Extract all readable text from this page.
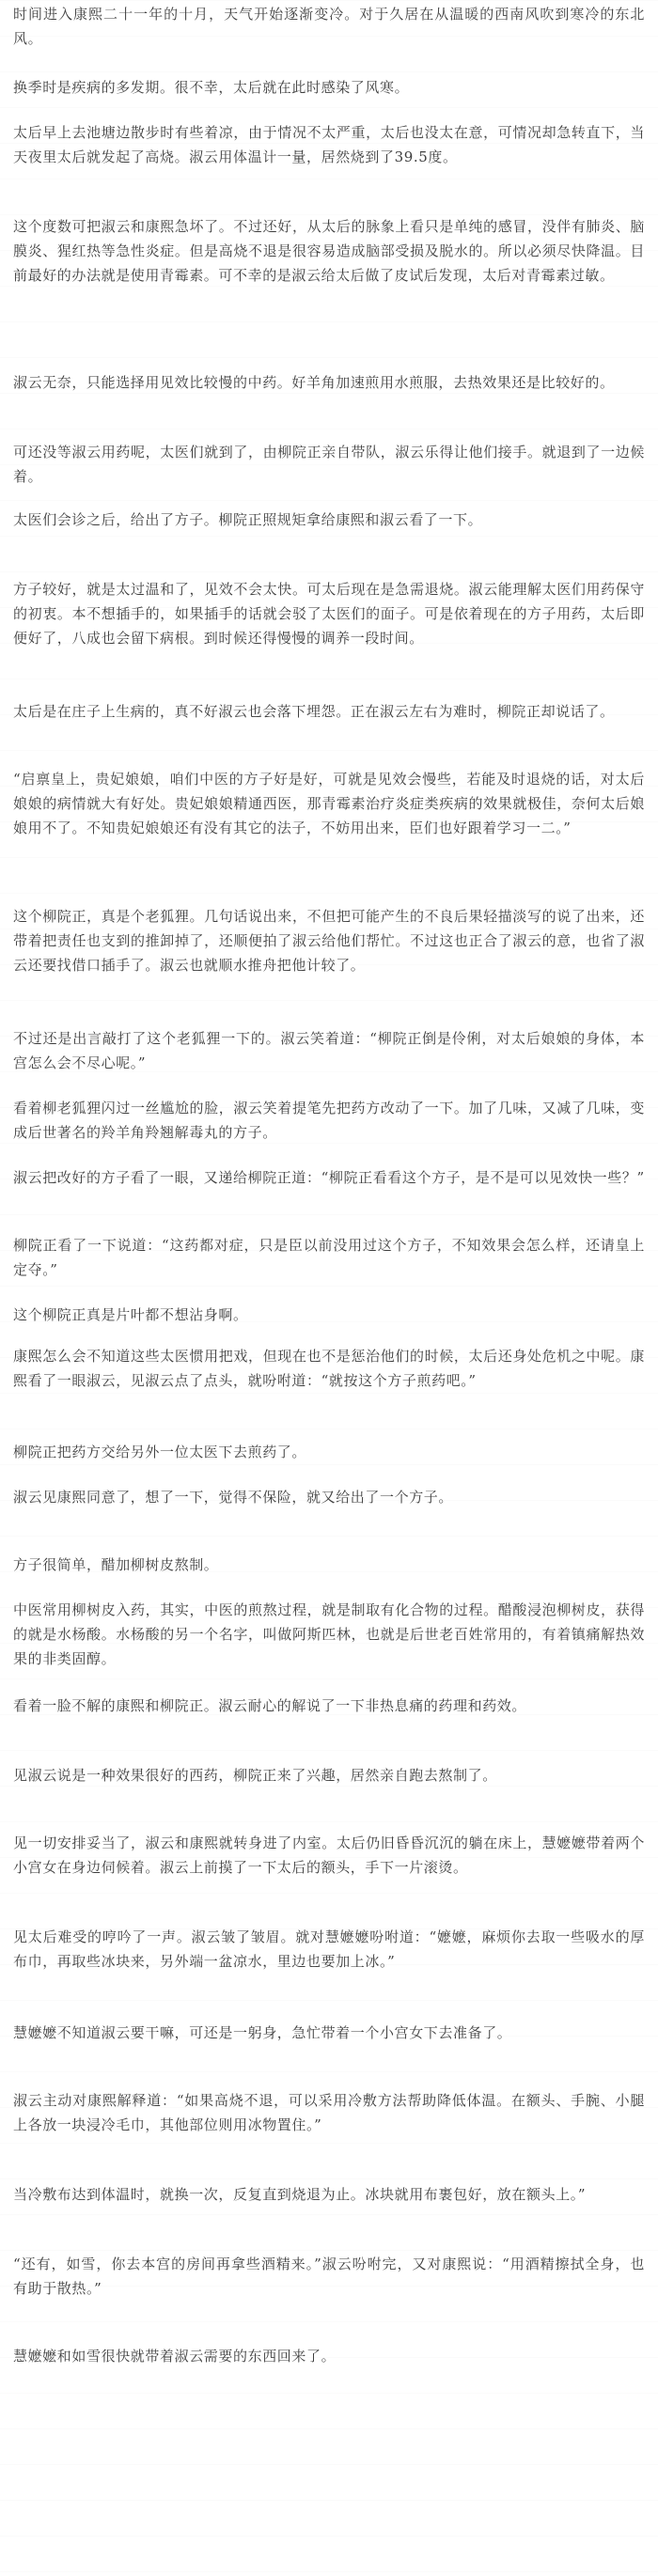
时间进入康熙二十一年的十月，天气开始逐渐变冷。对于久居在从温暖的西南风吹到寒冷的东北风。

换季时是疾病的多发期。很不幸，太后就在此时感染了风寒。

太后早上去池塘边散步时有些着凉，由于情况不太严重，太后也没太在意，可情况却急转直下，当天夜里太后就发起了高烧。淑云用体温计一量，居然烧到了39.5度。

这个度数可把淑云和康熙急坏了。不过还好，从太后的脉象上看只是单纯的感冒，没伴有肺炎、脑膜炎、猩红热等急性炎症。但是高烧不退是很容易造成脑部受损及脱水的。所以必须尽快降温。目前最好的办法就是使用青霉素。可不幸的是淑云给太后做了皮试后发现，太后对青霉素过敏。

淑云无奈，只能选择用见效比较慢的中药。好羊角加速煎用水煎服，去热效果还是比较好的。

可还没等淑云用药呢，太医们就到了，由柳院正亲自带队，淑云乐得让他们接手。就退到了一边候着。

太医们会诊之后，给出了方子。柳院正照规矩拿给康熙和淑云看了一下。

方子较好，就是太过温和了，见效不会太快。可太后现在是急需退烧。淑云能理解太医们用药保守的初衷。本不想插手的，如果插手的话就会驳了太医们的面子。可是依着现在的方子用药，太后即便好了，八成也会留下病根。到时候还得慢慢的调养一段时间。

太后是在庄子上生病的，真不好淑云也会落下埋怨。正在淑云左右为难时，柳院正却说话了。

“启禀皇上，贵妃娘娘，咱们中医的方子好是好，可就是见效会慢些，若能及时退烧的话，对太后娘娘的病情就大有好处。贵妃娘娘精通西医，那青霉素治疗炎症类疾病的效果就极佳，奈何太后娘娘用不了。不知贵妃娘娘还有没有其它的法子，不妨用出来，臣们也好跟着学习一二。”

这个柳院正，真是个老狐狸。几句话说出来，不但把可能产生的不良后果轻描淡写的说了出来，还带着把责任也支到的推卸掉了，还顺便拍了淑云给他们帮忙。不过这也正合了淑云的意，也省了淑云还要找借口插手了。淑云也就顺水推舟把他计较了。

不过还是出言敲打了这个老狐狸一下的。淑云笑着道：“柳院正倒是伶俐，对太后娘娘的身体，本宫怎么会不尽心呢。”

看着柳老狐狸闪过一丝尴尬的脸，淑云笑着提笔先把药方改动了一下。加了几味，又减了几味，变成后世著名的羚羊角羚翘解毒丸的方子。

淑云把改好的方子看了一眼，又递给柳院正道：“柳院正看看这个方子，是不是可以见效快一些？”

柳院正看了一下说道：“这药都对症，只是臣以前没用过这个方子，不知效果会怎么样，还请皇上定夺。”

这个柳院正真是片叶都不想沾身啊。

康熙怎么会不知道这些太医惯用把戏，但现在也不是惩治他们的时候，太后还身处危机之中呢。康熙看了一眼淑云，见淑云点了点头，就吩咐道：“就按这个方子煎药吧。”

柳院正把药方交给另外一位太医下去煎药了。

淑云见康熙同意了，想了一下，觉得不保险，就又给出了一个方子。

方子很简单，醋加柳树皮熬制。

中医常用柳树皮入药，其实，中医的煎熬过程，就是制取有化合物的过程。醋酸浸泡柳树皮，获得的就是水杨酸。水杨酸的另一个名字，叫做阿斯匹林，也就是后世老百姓常用的，有着镇痛解热效果的非类固醇。

看着一脸不解的康熙和柳院正。淑云耐心的解说了一下非热息痛的药理和药效。

见淑云说是一种效果很好的西药，柳院正来了兴趣，居然亲自跑去熬制了。

见一切安排妥当了，淑云和康熙就转身进了内室。太后仍旧昏昏沉沉的躺在床上，慧嬷嬷带着两个小宫女在身边伺候着。淑云上前摸了一下太后的额头，手下一片滚烫。

见太后难受的哼吟了一声。淑云皱了皱眉。就对慧嬷嬷吩咐道：“嬷嬷，麻烦你去取一些吸水的厚布巾，再取些冰块来，另外端一盆凉水，里边也要加上冰。”

慧嬷嬷不知道淑云要干嘛，可还是一躬身，急忙带着一个小宫女下去准备了。

淑云主动对康熙解释道：“如果高烧不退，可以采用冷敷方法帮助降低体温。在额头、手腕、小腿上各放一块浸冷毛巾，其他部位则用冰物置住。”

当冷敷布达到体温时，就换一次，反复直到烧退为止。冰块就用布裹包好，放在额头上。”

“还有，如雪，你去本宫的房间再拿些酒精来。”淑云吩咐完，又对康熙说：“用酒精擦拭全身，也有助于散热。”

慧嬷嬷和如雪很快就带着淑云需要的东西回来了。
